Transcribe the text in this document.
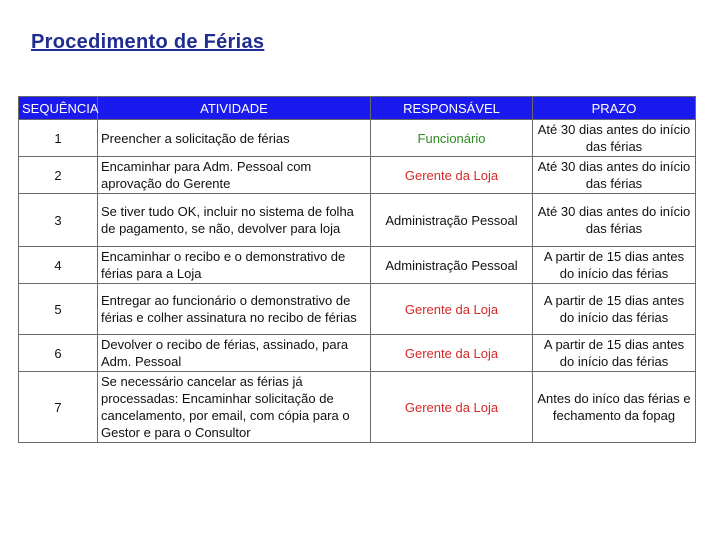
Procedimento de Férias
SEQUÊNCIA	ATIVIDADE	RESPONSÁVEL	PRAZO
1	Preencher a solicitação de férias	Funcionário	Até 30 dias antes do início das férias
2	Encaminhar para Adm. Pessoal com aprovação do Gerente	Gerente da Loja	Até 30 dias antes do início das férias
3	Se tiver tudo OK, incluir no sistema de folha de pagamento, se não, devolver para loja	Administração Pessoal	Até 30 dias antes do início das férias
4	Encaminhar o recibo e o demonstrativo de férias para a Loja	Administração Pessoal	A partir de 15 dias antes do início das férias
5	Entregar ao funcionário o demonstrativo de férias e colher assinatura no recibo de férias	Gerente da Loja	A partir de 15 dias antes do início das férias
6	Devolver o recibo de férias, assinado, para Adm. Pessoal	Gerente da Loja	A partir de 15 dias antes do início das férias
7	Se necessário cancelar as férias já processadas: Encaminhar solicitação de cancelamento, por email, com cópia para o Gestor e para o Consultor	Gerente da Loja	Antes do iníco das férias e fechamento da fopag
